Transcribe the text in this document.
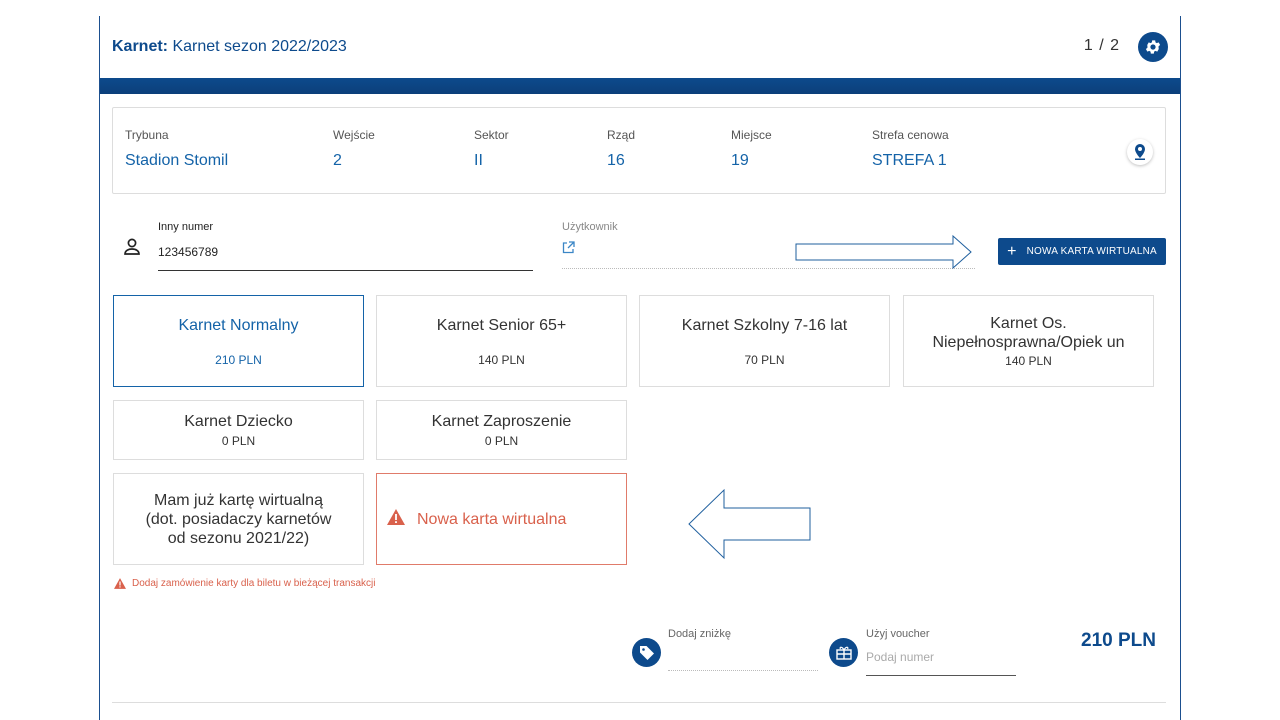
Karnet: Karnet sezon 2022/2023	1 / 2
Trybuna
Stadion Stomil
Wejście
2
Sektor
II
Rząd
16
Miejsce
19
Strefa cenowa
STREFA 1
Inny numer
123456789
Użytkownik
+ NOWA KARTA WIRTUALNA
Karnet Normalny
210 PLN
Karnet Senior 65+
140 PLN
Karnet Szkolny 7-16 lat
70 PLN
Karnet Os. Niepełnosprawna/Opiek un
140 PLN
Karnet Dziecko
0 PLN
Karnet Zaproszenie
0 PLN
Mam już kartę wirtualną (dot. posiadaczy karnetów od sezonu 2021/22)
Nowa karta wirtualna
Dodaj zamówienie karty dla biletu w bieżącej transakcji
Dodaj zniżkę	Użyj voucher
Podaj numer
210 PLN
